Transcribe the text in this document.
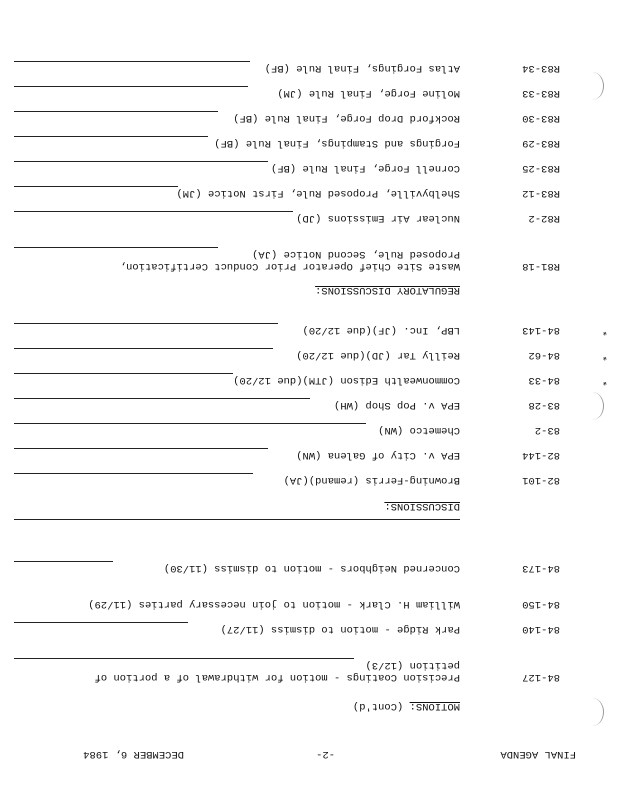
FINAL AGENDA
-2-
DECEMBER 6, 1984
MOTIONS: (Cont'd)
84-127
Precision Coatings - motion for withdrawal of a portion of
petition (12/3)
84-140
Park Ridge - motion to dismiss (11/27)
84-150
William H. Clark - motion to join necessary parties (11/29)
84-173
Concerned Neighbors - motion to dismiss (11/30)
DISCUSSIONS:
82-101
Browning-Ferris (remand)(JA)
82-144
EPA v. City of Galena (WN)
83-2
Chemetco (WN)
83-28
EPA v. Pop Shop (WH)
*
84-33
Commonwealth Edison (JTM)(due 12/20)
*
84-62
Reilly Tar (JD)(due 12/20)
*
84-143
LBP, Inc. (JF)(due 12/20)
REGULATORY DISCUSSIONS:
R81-18
Waste Site Chief Operator Prior Conduct Certification,
Proposed Rule, Second Notice (JA)
R82-2
Nuclear Air Emissions (JD)
R83-12
Shelbyville, Proposed Rule, First Notice (JM)
R83-25
Cornell Forge, Final Rule (BF)
R83-29
Forgings and Stampings, Final Rule (BF)
R83-30
Rockford Drop Forge, Final Rule (BF)
R83-33
Moline Forge, Final Rule (JM)
R83-34
Atlas Forgings, Final Rule (BF)
